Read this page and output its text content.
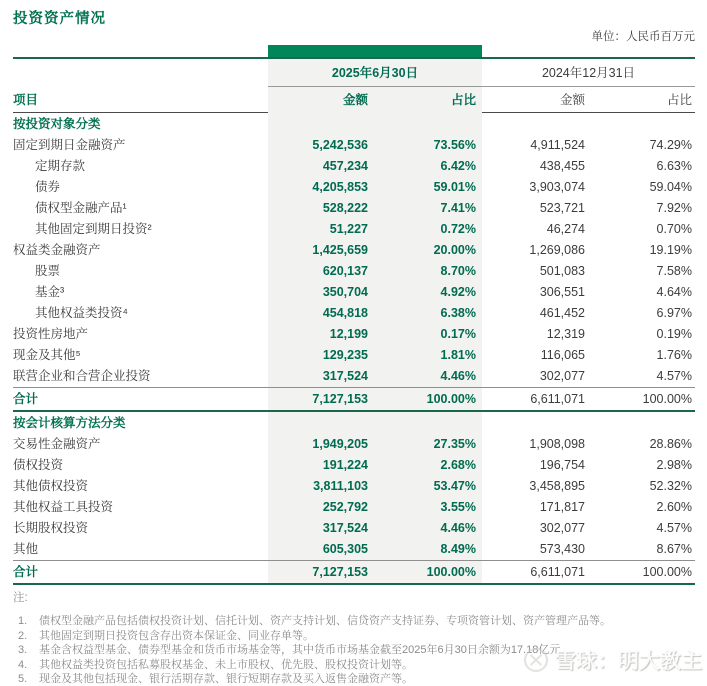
投资资产情况
单位：人民币百万元
2025年6月30日	2024年12月31日
项目	金额	占比	金额	占比
按投资对象分类
固定到期日金融资产	5,242,536	73.56%	4,911,524	74.29%
定期存款	457,234	6.42%	438,455	6.63%
债券	4,205,853	59.01%	3,903,074	59.04%
债权型金融产品¹	528,222	7.41%	523,721	7.92%
其他固定到期日投资²	51,227	0.72%	46,274	0.70%
权益类金融资产	1,425,659	20.00%	1,269,086	19.19%
股票	620,137	8.70%	501,083	7.58%
基金³	350,704	4.92%	306,551	4.64%
其他权益类投资⁴	454,818	6.38%	461,452	6.97%
投资性房地产	12,199	0.17%	12,319	0.19%
现金及其他⁵	129,235	1.81%	116,065	1.76%
联营企业和合营企业投资	317,524	4.46%	302,077	4.57%
合计	7,127,153	100.00%	6,611,071	100.00%
按会计核算方法分类
交易性金融资产	1,949,205	27.35%	1,908,098	28.86%
债权投资	191,224	2.68%	196,754	2.98%
其他债权投资	3,811,103	53.47%	3,458,895	52.32%
其他权益工具投资	252,792	3.55%	171,817	2.60%
长期股权投资	317,524	4.46%	302,077	4.57%
其他	605,305	8.49%	573,430	8.67%
合计	7,127,153	100.00%	6,611,071	100.00%
注:
1.	债权型金融产品包括债权投资计划、信托计划、资产支持计划、信贷资产支持证券、专项资管计划、资产管理产品等。
2.	其他固定到期日投资包含存出资本保证金、同业存单等。
3.	基金含权益型基金、债券型基金和货币市场基金等，其中货币市场基金截至2025年6月30日余额为17.18亿元。
4.	其他权益类投资包括私募股权基金、未上市股权、优先股、股权投资计划等。
5.	现金及其他包括现金、银行活期存款、银行短期存款及买入返售金融资产等。
雪球：明大教主
